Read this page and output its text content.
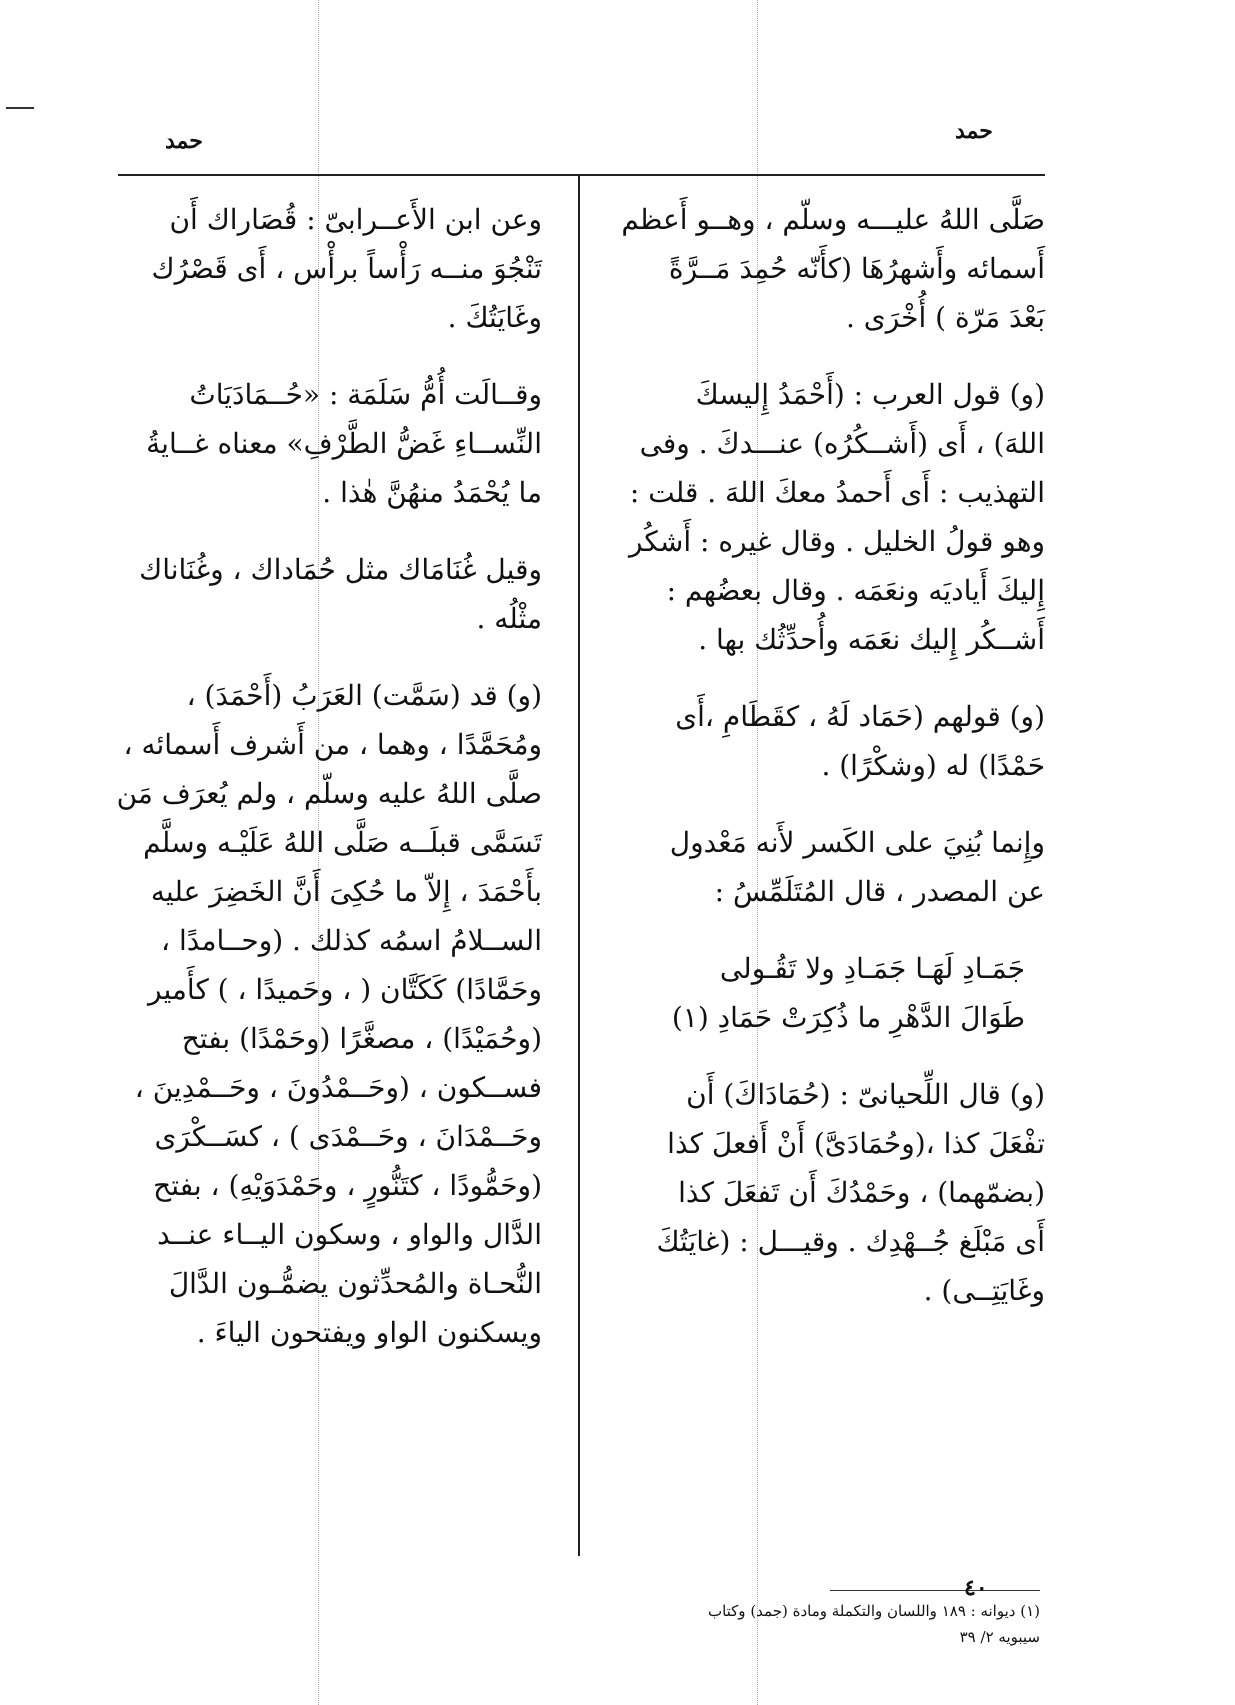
حمد	حمد

صَلَّى اللهُ عليـــه وسلّم ، وهــو أَعظم
أَسمائه وأَشهرُهَا (كأَنّه حُمِدَ مَــرَّةً
بَعْدَ مَرّة ) أُخْرَى .

(و) قول العرب : (أَحْمَدُ إِليسكَ
اللهَ) ، أَى (أَشــكُرُه) عنـــدكَ . وفى
التهذيب : أَى أَحمدُ معكَ اللهَ . قلت :
وهو قولُ الخليل . وقال غيره : أَشكُر
إِليكَ أَياديَه ونعَمَه . وقال بعضُهم :
أَشــكُر إِليك نعَمَه وأُحدِّثُك بها .

(و) قولهم (حَمَاد لَهُ ، كقَطَامِ ،أَى
حَمْدًا) له (وشكْرًا) .

وإِنما بُنِيَ على الكَسر لأَنه مَعْدول
عن المصدر ، قال المُتَلَمِّسُ :

جَمَـادِ لَهَـا جَمَـادِ ولا تَقُـولى
طَوَالَ الدَّهْرِ ما ذُكِرَتْ حَمَادِ (١)

(و) قال اللِّحيانىّ : (حُمَادَاكَ) أَن
تفْعَلَ كذا ،(وحُمَادَىَّ) أَنْ أَفعلَ كذا
(بضمّهما) ، وحَمْدُكَ أَن تَفعَلَ كذا
أَى مَبْلَغ جُــهْدِك . وقيـــل : (غايَتُكَ
وغَايَتِــى) .

وعن ابن الأَعــرابىّ : قُصَاراك أَن
تَنْجُوَ منــه رَأْساً برأْس ، أَى قَصْرُك
وغَايَتُكَ .

وقــالَت أُمُّ سَلَمَة : «حُــمَادَيَاتُ
النِّســاءِ غَضُّ الطَّرْفِ» معناه غــايةُ
ما يُحْمَدُ منهُنَّ هٰذا .

وقيل غُنَامَاك مثل حُمَاداك ، وغُنَاناك
مثْلُه .

(و) قد (سَمَّت) العَرَبُ (أَحْمَدَ) ،
ومُحَمَّدًا ، وهما ، من أَشرف أَسمائه ،
صلَّى اللهُ عليه وسلّم ، ولم يُعرَف مَن
تَسَمَّى قبلَــه صَلَّى اللهُ عَلَيْـه وسلَّم
بأَحْمَدَ ، إِلاّ ما حُكِىَ أَنَّ الخَضِرَ عليه
الســلامُ اسمُه كذلك . (وحــامدًا ،
وحَمَّادًا) كَكَتَّان ( ، وحَميدًا ، ) كأَمير
(وحُمَيْدًا) ، مصغَّرًا (وحَمْدًا) بفتح
فســكون ، (وحَــمْدُونَ ، وحَــمْدِينَ ،
وحَــمْدَانَ ، وحَــمْدَى ) ، كسَــكْرَى
(وحَمُّودًا ، كتَنُّورٍ ، وحَمْدَوَيْهِ) ، بفتح
الدَّال والواو ، وسكون اليــاء عنــد
النُّحـاة والمُحدِّثون يضمُّـون الدَّالَ
ويسكنون الواو ويفتحون الياءَ .

(١) ديوانه : ١٨٩ واللسان والتكملة ومادة (جمد) وكتاب
سيبويه ٢/ ٣٩
٤٠
